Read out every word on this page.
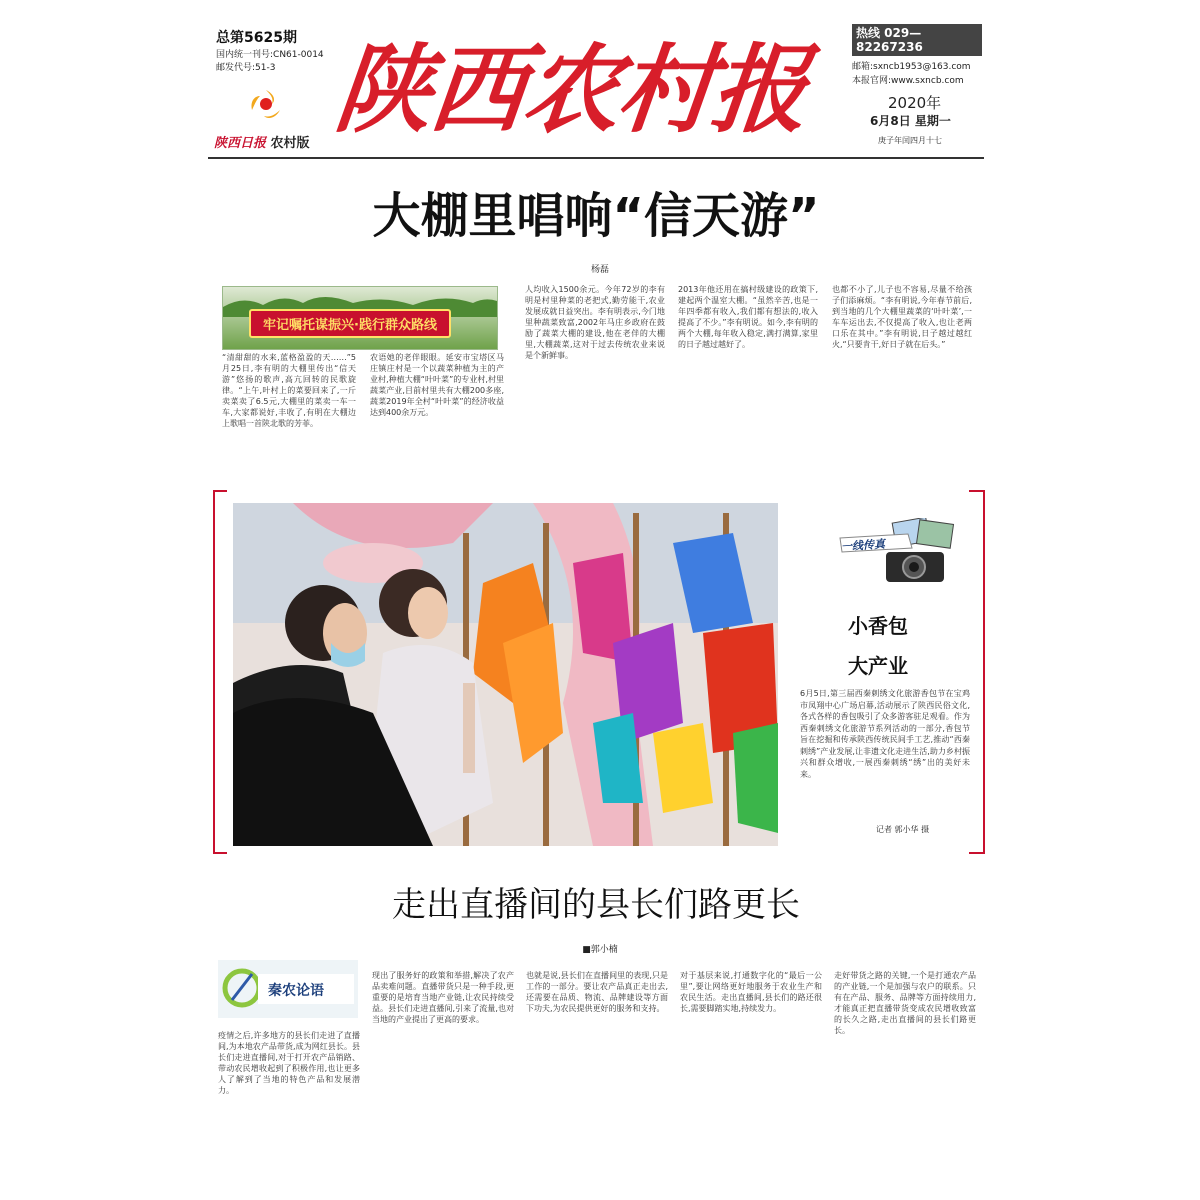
总第5625期
国内统一刊号:CN61-0014
邮发代号:51-3
陕西日报 农村版 陕西农村报	热线 029—82267236
邮箱:sxncb1953@163.com
本报官网:www.sxncb.com
2020年
6月8日 星期一
庚子年闰四月十七
大棚里唱响“信天游”
杨磊
牢记嘱托谋振兴·践行群众路线
“清甜甜的水来,蓝格盈盈的天……”5月25日,李有明的大棚里传出“信天游”悠扬的歌声,高亢回转的民歌旋律。“上午,叶村上的菜要回来了,一斤卖菜卖了6.5元,大棚里的菜卖一车一车,大家都说好,丰收了,有明在大棚边上歌唱一首陕北歌的芳菲。
农语她的老伴眼眼。延安市宝塔区马庄镇庄村是一个以蔬菜种植为主的产业村,种植大棚“叶叶菜”的专业村,村里蔬菜产业,目前村里共有大棚200多座,蔬菜2019年全村“叶叶菜”的经济收益达到400余万元。
人均收入1500余元。今年72岁的李有明是村里种菜的老把式,勤劳能干,农业发展成就日益突出。李有明表示,今门地里种蔬菜致富,2002年马庄乡政府在鼓励了蔬菜大棚的建设,他在老伴的大棚里,大棚蔬菜,这对于过去传统农业来说是个新鲜事。
2013年他还用在搞村级建设的政策下,建起两个温室大棚。“虽然辛苦,也是一年四季都有收入,我们都有想法的,收入提高了不少。”李有明说。如今,李有明的两个大棚,每年收入稳定,满打满算,家里的日子越过越好了。
也都不小了,儿子也不容易,尽量不给孩子们添麻烦。“李有明说,今年春节前后,到当地的几个大棚里蔬菜的‘叶叶菜’,一车车运出去,不仅提高了收入,也让老两口乐在其中。”李有明说,日子越过越红火,“只要肯干,好日子就在后头。”
一线传真
小香包
大产业
6月5日,第三届西秦刺绣文化旅游香包节在宝鸡市凤翔中心广场启幕,活动展示了陕西民俗文化,各式各样的香包吸引了众多游客驻足观看。作为西秦刺绣文化旅游节系列活动的一部分,香包节旨在挖掘和传承陕西传统民间手工艺,推动“西秦刺绣”产业发展,让非遗文化走进生活,助力乡村振兴和群众增收,一展西秦刺绣“绣”出的美好未来。
记者 郭小华 摄
走出直播间的县长们路更长
■郭小楠
秦农论语
疫情之后,许多地方的县长们走进了直播间,为本地农产品带货,成为网红县长。县长们走进直播间,对于打开农产品销路、带动农民增收起到了积极作用,也让更多人了解到了当地的特色产品和发展潜力。
现出了服务好的政策和举措,解决了农产品卖难问题。直播带货只是一种手段,更重要的是培育当地产业链,让农民持续受益。县长们走进直播间,引来了流量,也对当地的产业提出了更高的要求。
也就是说,县长们在直播间里的表现,只是工作的一部分。要让农产品真正走出去,还需要在品质、物流、品牌建设等方面下功夫,为农民提供更好的服务和支持。
对于基层来说,打通数字化的“最后一公里”,要让网络更好地服务于农业生产和农民生活。走出直播间,县长们的路还很长,需要脚踏实地,持续发力。
走好带货之路的关键,一个是打通农产品的产业链,一个是加强与农户的联系。只有在产品、服务、品牌等方面持续用力,才能真正把直播带货变成农民增收致富的长久之路,走出直播间的县长们路更长。
